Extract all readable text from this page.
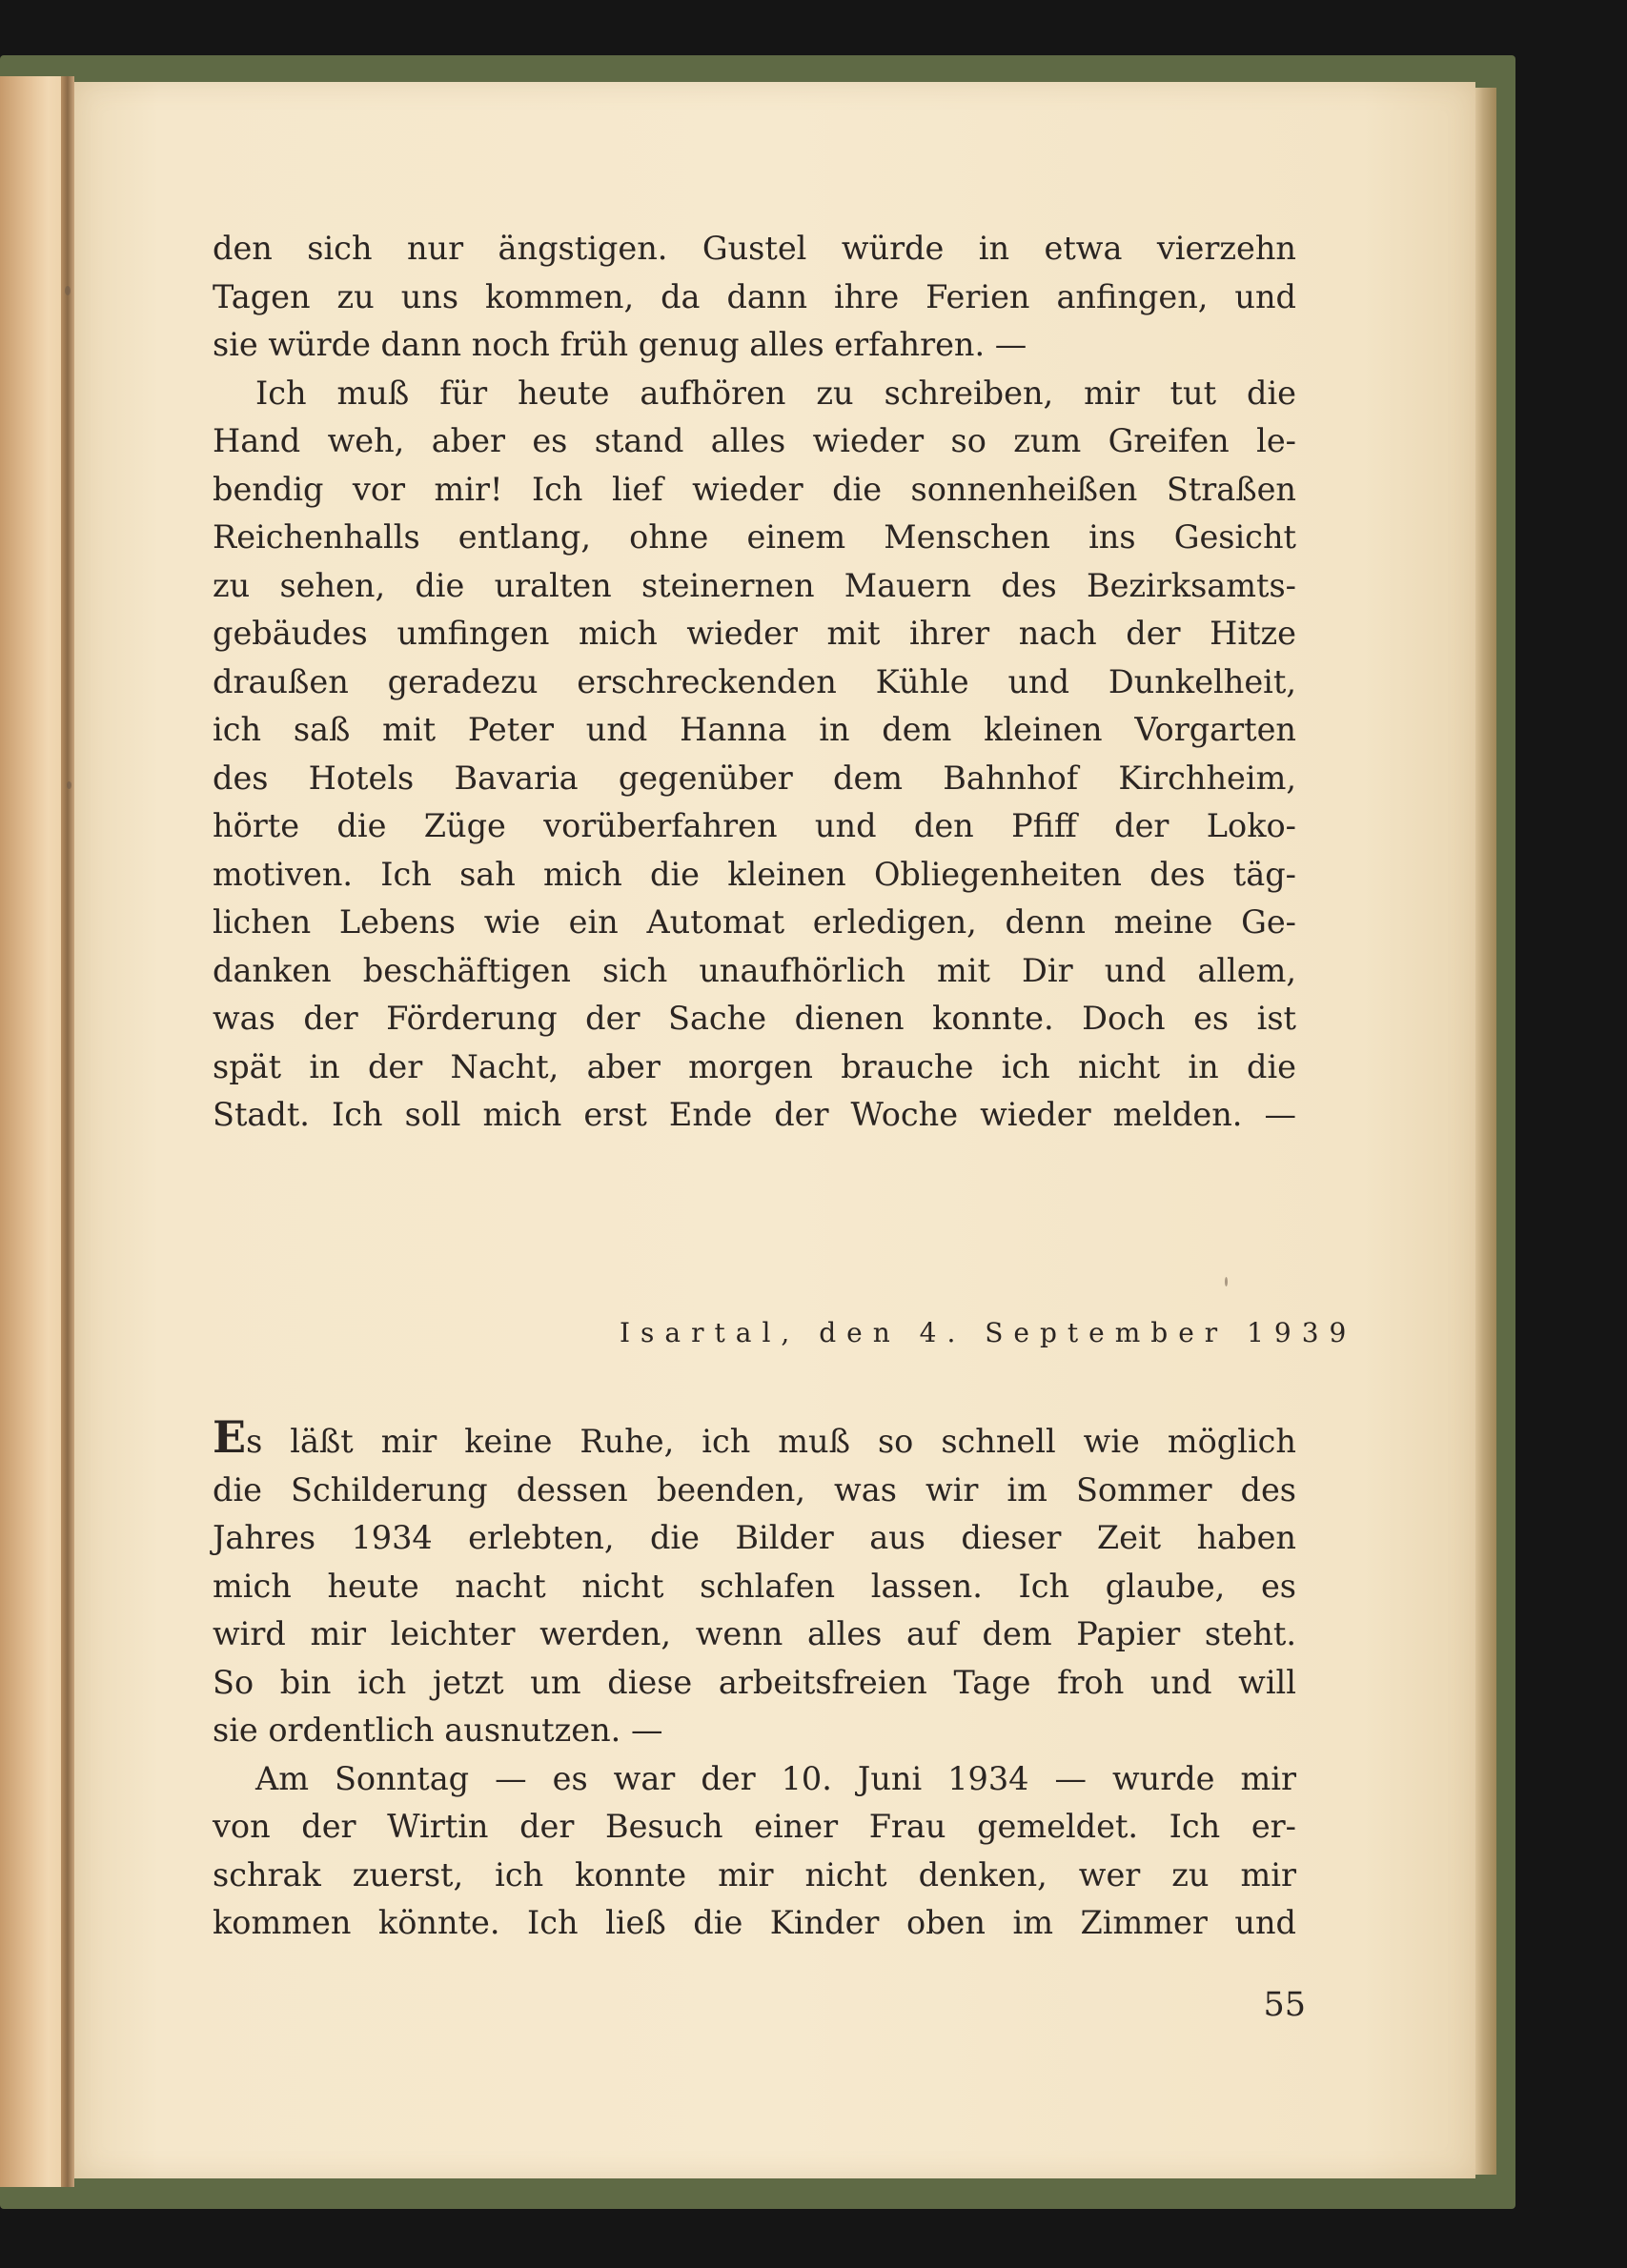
den sich nur ängstigen. Gustel würde in etwa vierzehn
Tagen zu uns kommen, da dann ihre Ferien anfingen, und
sie würde dann noch früh genug alles erfahren. —
Ich muß für heute aufhören zu schreiben, mir tut die
Hand weh, aber es stand alles wieder so zum Greifen le-
bendig vor mir! Ich lief wieder die sonnenheißen Straßen
Reichenhalls entlang, ohne einem Menschen ins Gesicht
zu sehen, die uralten steinernen Mauern des Bezirksamts-
gebäudes umfingen mich wieder mit ihrer nach der Hitze
draußen geradezu erschreckenden Kühle und Dunkelheit,
ich saß mit Peter und Hanna in dem kleinen Vorgarten
des Hotels Bavaria gegenüber dem Bahnhof Kirchheim,
hörte die Züge vorüberfahren und den Pfiff der Loko-
motiven. Ich sah mich die kleinen Obliegenheiten des täg-
lichen Lebens wie ein Automat erledigen, denn meine Ge-
danken beschäftigen sich unaufhörlich mit Dir und allem,
was der Förderung der Sache dienen konnte. Doch es ist
spät in der Nacht, aber morgen brauche ich nicht in die
Stadt. Ich soll mich erst Ende der Woche wieder melden. —
Isartal, den 4. September 1939
Es läßt mir keine Ruhe, ich muß so schnell wie möglich
die Schilderung dessen beenden, was wir im Sommer des
Jahres 1934 erlebten, die Bilder aus dieser Zeit haben
mich heute nacht nicht schlafen lassen. Ich glaube, es
wird mir leichter werden, wenn alles auf dem Papier steht.
So bin ich jetzt um diese arbeitsfreien Tage froh und will
sie ordentlich ausnutzen. —
Am Sonntag — es war der 10. Juni 1934 — wurde mir
von der Wirtin der Besuch einer Frau gemeldet. Ich er-
schrak zuerst, ich konnte mir nicht denken, wer zu mir
kommen könnte. Ich ließ die Kinder oben im Zimmer und
55
